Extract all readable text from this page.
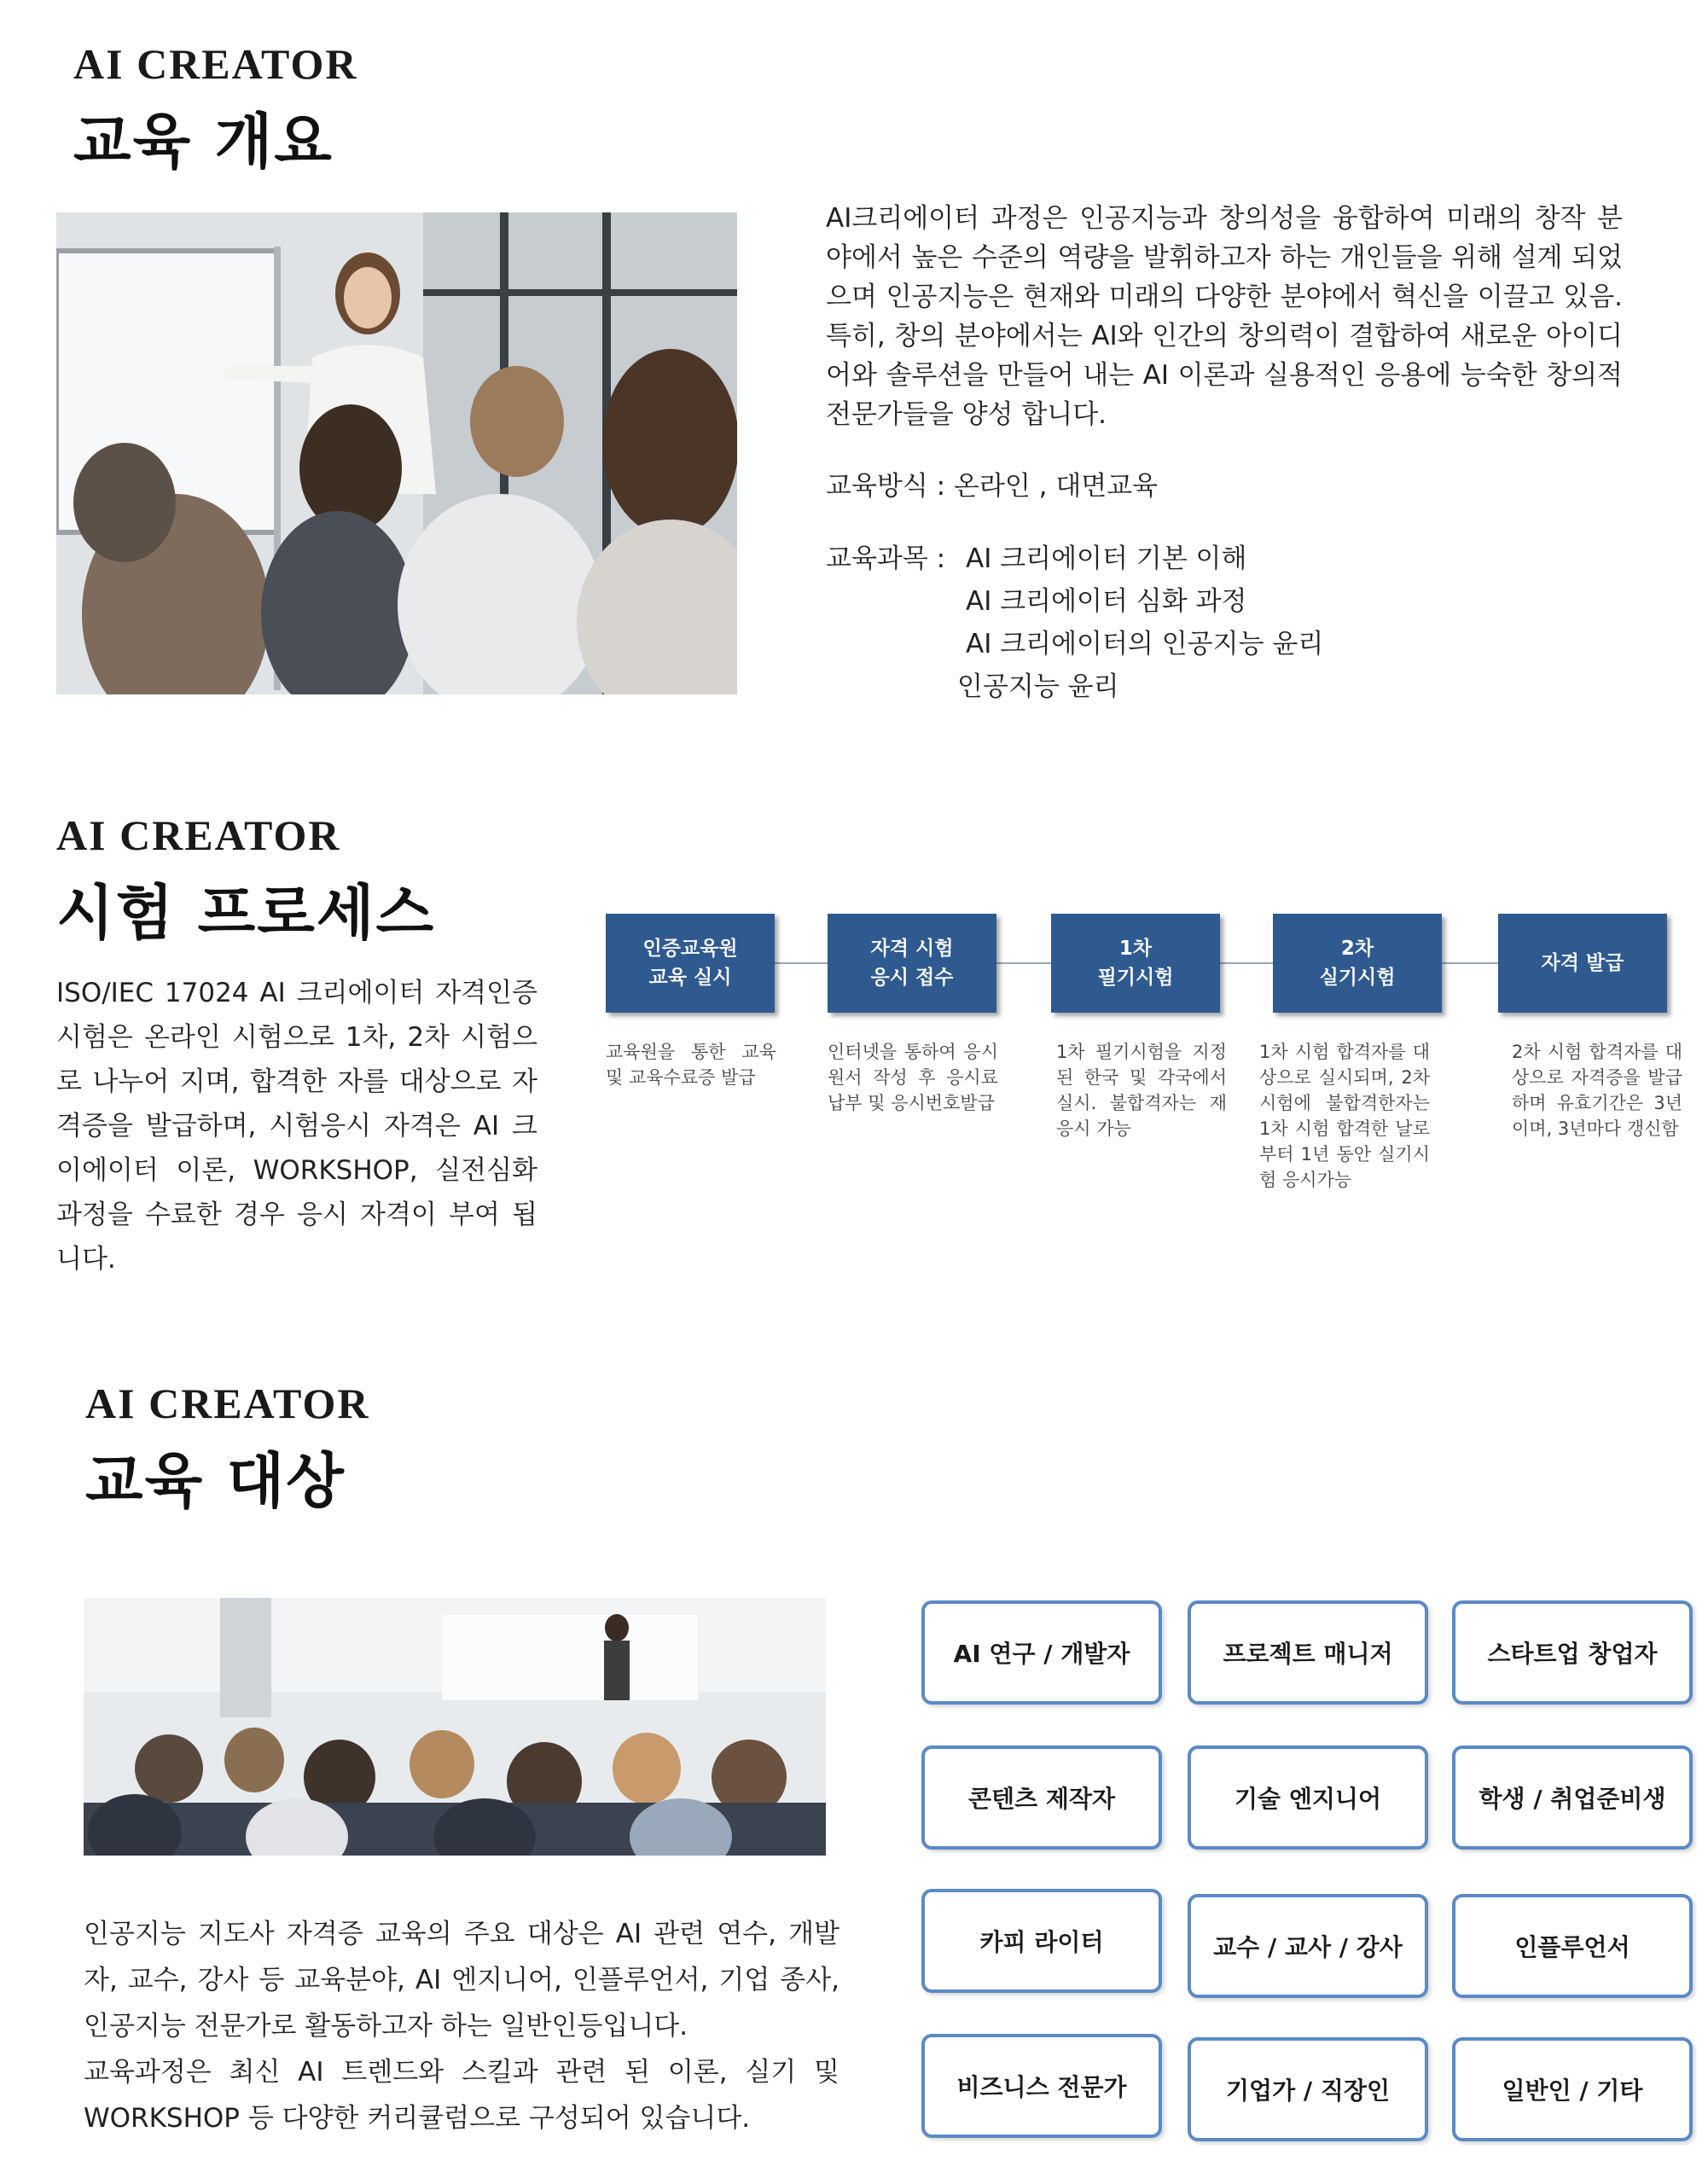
AI CREATOR
교육 개요
AI크리에이터 과정은 인공지능과 창의성을 융합하여 미래의 창작 분야에서 높은 수준의 역량을 발휘하고자 하는 개인들을 위해 설계 되었으며 인공지능은 현재와 미래의 다양한 분야에서 혁신을 이끌고 있음. 특히, 창의 분야에서는 AI와 인간의 창의력이 결합하여 새로운 아이디어와 솔루션을 만들어 내는 AI 이론과 실용적인 응용에 능숙한 창의적 전문가들을 양성 합니다.
교육방식 : 온라인 , 대면교육
교육과목 : AI 크리에이터 기본 이해
AI 크리에이터 심화 과정
AI 크리에이터의 인공지능 윤리
인공지능 윤리
AI CREATOR
시험 프로세스
ISO/IEC 17024 AI 크리에이터 자격인증 시험은 온라인 시험으로 1차, 2차 시험으로 나누어 지며, 합격한 자를 대상으로 자격증을 발급하며, 시험응시 자격은 AI 크이에이터 이론, WORKSHOP, 실전심화 과정을 수료한 경우 응시 자격이 부여 됩니다.
인증교육원
교육 실시
자격 시험
응시 접수
1차
필기시험
2차
실기시험
자격 발급
교육원을 통한 교육 및 교육수료증 발급
인터넷을 통하여 응시원서 작성 후 응시료 납부 및 응시번호발급
1차 필기시험을 지정된 한국 및 각국에서 실시. 불합격자는 재 응시 가능
1차 시험 합격자를 대상으로 실시되며, 2차 시험에 불합격한자는 1차 시험 합격한 날로 부터 1년 동안 실기시험 응시가능
2차 시험 합격자를 대상으로 자격증을 발급하며 유효기간은 3년이며, 3년마다 갱신함
AI CREATOR
교육 대상
인공지능 지도사 자격증 교육의 주요 대상은 AI 관련 연수, 개발자, 교수, 강사 등 교육분야, AI 엔지니어, 인플루언서, 기업 종사, 인공지능 전문가로 활동하고자 하는 일반인등입니다.
교육과정은 최신 AI 트렌드와 스킬과 관련 된 이론, 실기 및 WORKSHOP 등 다양한 커리큘럼으로 구성되어 있습니다.
AI 연구 / 개발자	프로젝트 매니저	스타트업 창업자
콘텐츠 제작자	기술 엔지니어	학생 / 취업준비생
카피 라이터	교수 / 교사 / 강사	인플루언서
비즈니스 전문가	기업가 / 직장인	일반인 / 기타
